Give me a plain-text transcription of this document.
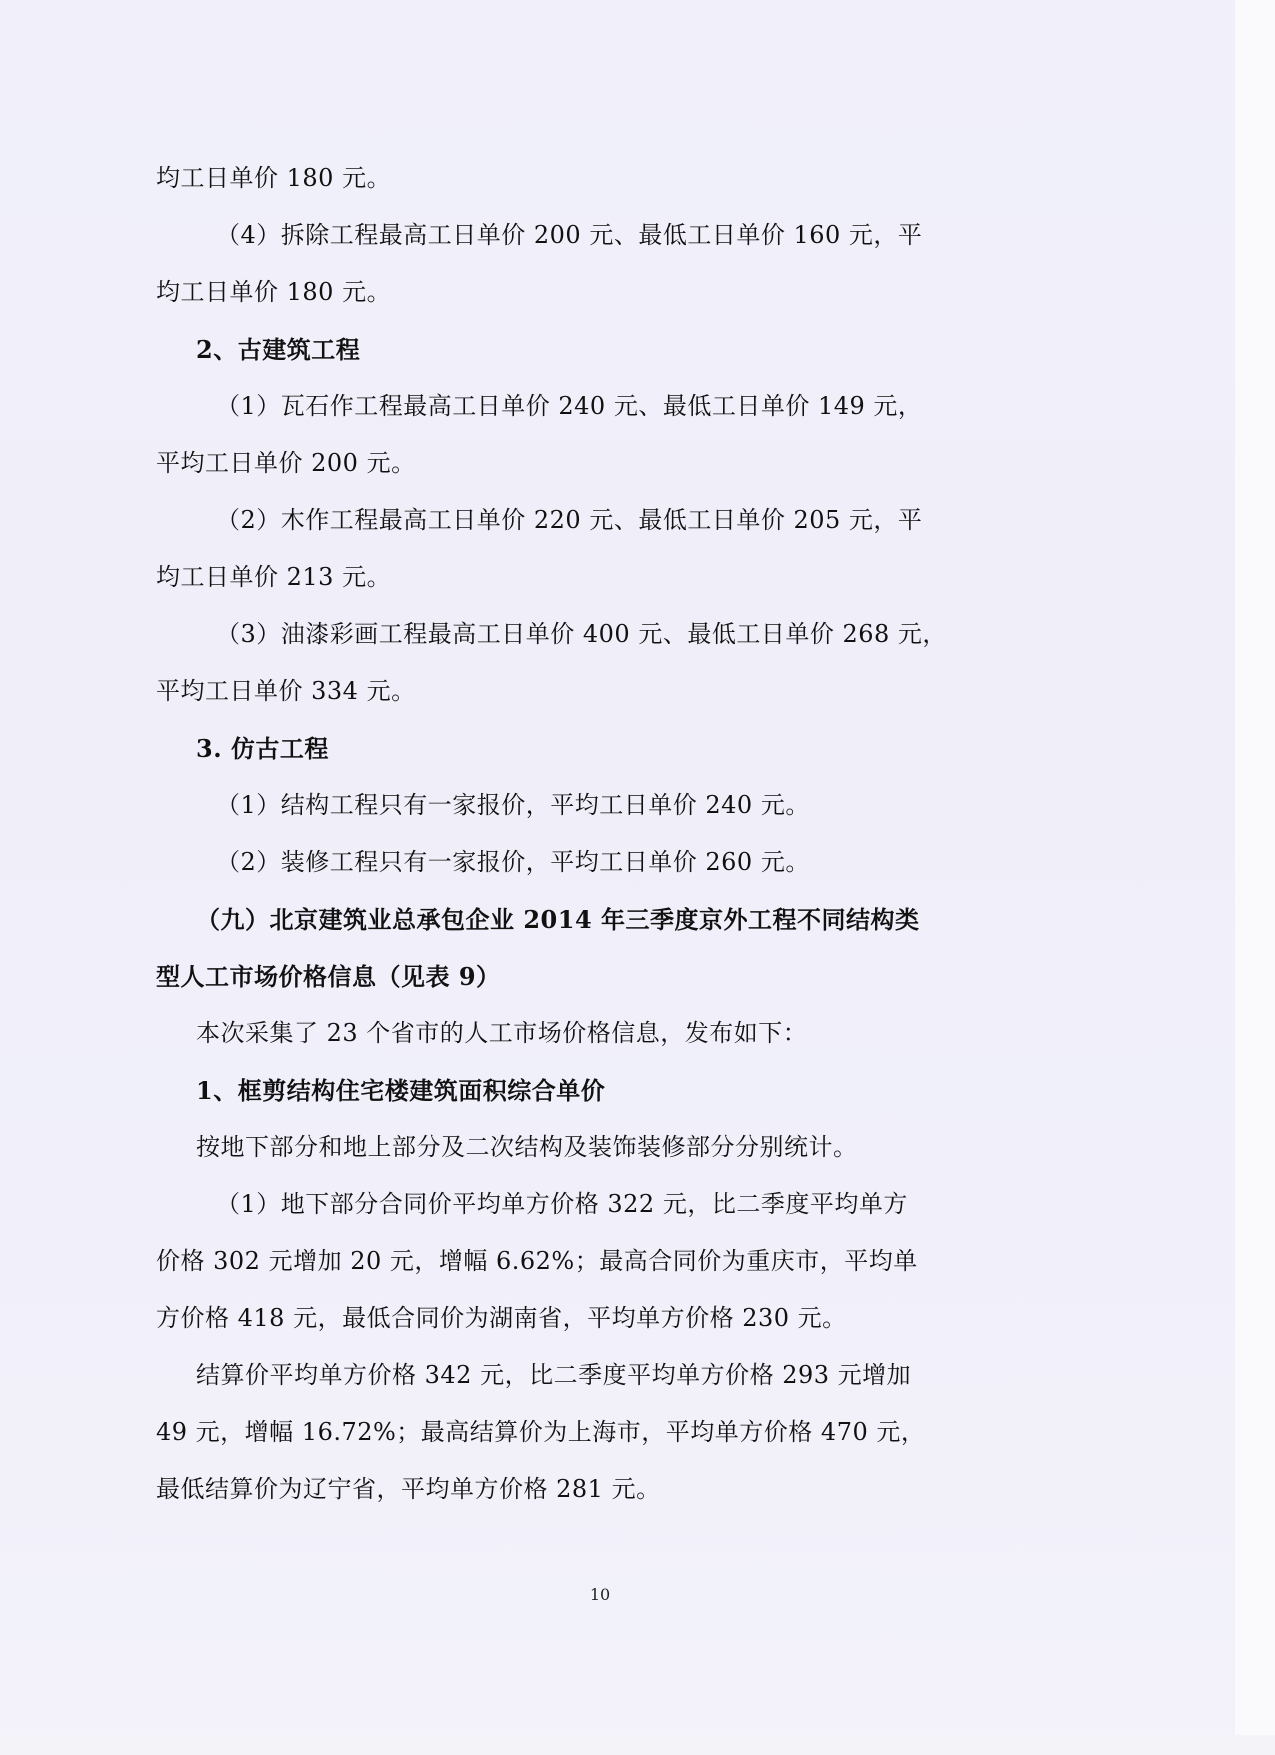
均工日单价 180 元。

（4）拆除工程最高工日单价 200 元、最低工日单价 160 元，平

均工日单价 180 元。

2、古建筑工程

（1）瓦石作工程最高工日单价 240 元、最低工日单价 149 元，

平均工日单价 200 元。

（2）木作工程最高工日单价 220 元、最低工日单价 205 元，平

均工日单价 213 元。

（3）油漆彩画工程最高工日单价 400 元、最低工日单价 268 元，

平均工日单价 334 元。

3. 仿古工程

（1）结构工程只有一家报价，平均工日单价 240 元。

（2）装修工程只有一家报价，平均工日单价 260 元。

（九）北京建筑业总承包企业 2014 年三季度京外工程不同结构类

型人工市场价格信息（见表 9）

本次采集了 23 个省市的人工市场价格信息，发布如下：

1、框剪结构住宅楼建筑面积综合单价

按地下部分和地上部分及二次结构及装饰装修部分分别统计。

（1）地下部分合同价平均单方价格 322 元，比二季度平均单方

价格 302 元增加 20 元，增幅 6.62%；最高合同价为重庆市，平均单

方价格 418 元，最低合同价为湖南省，平均单方价格 230 元。

结算价平均单方价格 342 元，比二季度平均单方价格 293 元增加

49 元，增幅 16.72%；最高结算价为上海市，平均单方价格 470 元，

最低结算价为辽宁省，平均单方价格 281 元。

10
